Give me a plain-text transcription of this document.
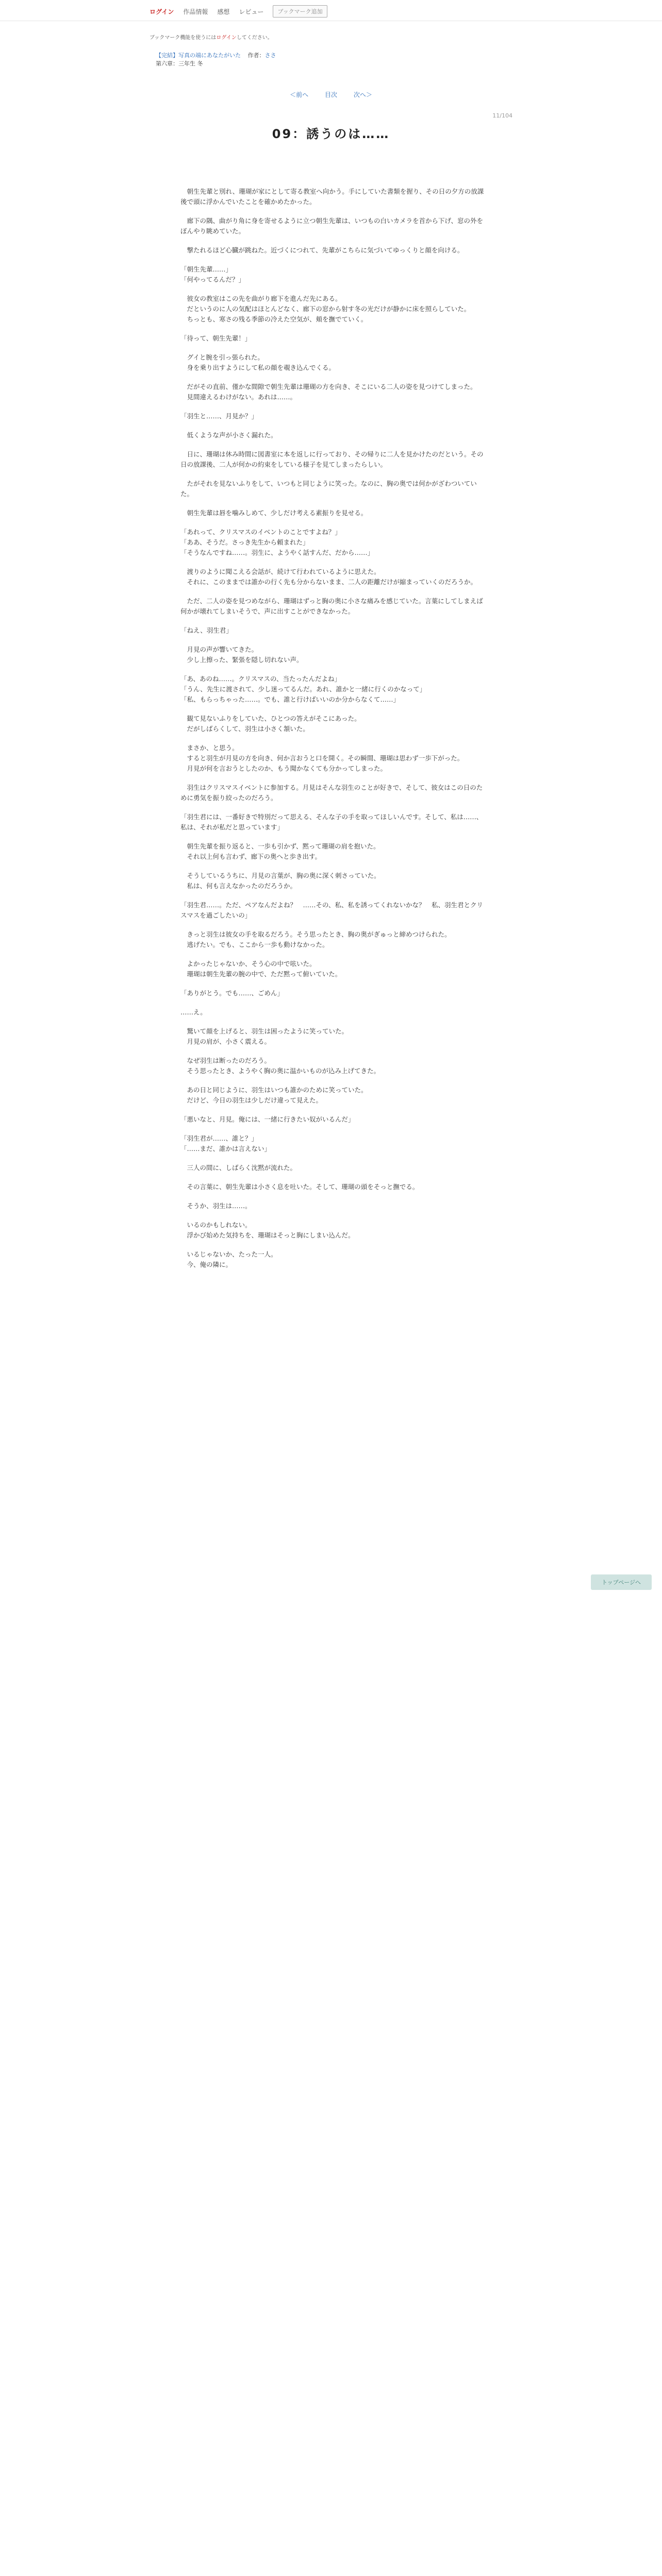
ログイン 作品情報 感想 レビュー	ブックマーク追加
ブックマーク機能を使うにはログインしてください。
【完結】写真の端にあなたがいた 作者：ささ
第六章：三年生 冬
＜前へ	目次	次へ＞
11/104
09：誘うのは……

　朝生先輩と別れ、珊瑚が家にとして寄る教室へ向かう。手にしていた書類を握り、その日の夕方の放課後で頭に浮かんでいたことを確かめたかった。

　廊下の隅、曲がり角に身を寄せるように立つ朝生先輩は、いつもの白いカメラを首から下げ、窓の外をぼんやり眺めていた。

　撃たれるほど心臓が跳ねた。近づくにつれて、先輩がこちらに気づいてゆっくりと顔を向ける。

「朝生先輩……」
「何やってるんだ？」

　彼女の教室はこの先を曲がり廊下を進んだ先にある。
　だというのに人の気配はほとんどなく、廊下の窓から射す冬の光だけが静かに床を照らしていた。
　ちっとも、寒さの残る季節の冷えた空気が、頬を撫でていく。

「待って、朝生先輩！」

　グイと腕を引っ張られた。
　身を乗り出すようにして私の顔を覗き込んでくる。

　だがその直前、僅かな間隙で朝生先輩は珊瑚の方を向き、そこにいる二人の姿を見つけてしまった。
　見間違えるわけがない。あれは……。

「羽生と……、月見か？」

　低くような声が小さく漏れた。

　日に、珊瑚は休み時間に図書室に本を返しに行っており、その帰りに二人を見かけたのだという。その日の放課後、二人が何かの約束をしている様子を見てしまったらしい。

　たがそれを見ないふりをして、いつもと同じように笑った。なのに、胸の奥では何かがざわついていた。

　朝生先輩は唇を噛みしめて、少しだけ考える素振りを見せる。

「あれって、クリスマスのイベントのことですよね？」
「ああ、そうだ。さっき先生から頼まれた」
「そうなんですね……。羽生に、ようやく話すんだ、だから……」

　渡りのように聞こえる会話が、続けて行われているように思えた。
　それに、このままでは誰かの行く先も分からないまま、二人の距離だけが縮まっていくのだろうか。

　ただ、二人の姿を見つめながら、珊瑚はずっと胸の奥に小さな痛みを感じていた。言葉にしてしまえば何かが壊れてしまいそうで、声に出すことができなかった。

「ねえ、羽生君」

　月見の声が響いてきた。
　少し上擦った、緊張を隠し切れない声。

「あ、あのね……。クリスマスの、当たったんだよね」
「うん、先生に渡されて、少し迷ってるんだ。あれ、誰かと一緒に行くのかなって」
「私、もらっちゃった……。でも、誰と行けばいいのか分からなくて……」

　観て見ないふりをしていた、ひとつの答えがそこにあった。
　だがしばらくして、羽生は小さく頷いた。

　まさか、と思う。
　すると羽生が月見の方を向き、何か言おうと口を開く。その瞬間、珊瑚は思わず一歩下がった。
　月見が何を言おうとしたのか、もう聞かなくても分かってしまった。

　羽生はクリスマスイベントに参加する。月見はそんな羽生のことが好きで、そして、彼女はこの日のために勇気を振り絞ったのだろう。

「羽生君には、一番好きで特別だって思える、そんな子の手を取ってほしいんです。そして、私は……、私は、それが私だと思っています」

　朝生先輩を振り返ると、一歩も引かず、黙って珊瑚の肩を抱いた。
　それ以上何も言わず、廊下の奥へと歩き出す。

　そうしているうちに、月見の言葉が、胸の奥に深く刺さっていた。
　私は、何も言えなかったのだろうか。

「羽生君……。ただ、ペアなんだよね？　……その、私、私を誘ってくれないかな？　私、羽生君とクリスマスを過ごしたいの」

　きっと羽生は彼女の手を取るだろう。そう思ったとき、胸の奥がぎゅっと締めつけられた。
　逃げたい。でも、ここから一歩も動けなかった。

　よかったじゃないか、そう心の中で呟いた。
　珊瑚は朝生先輩の腕の中で、ただ黙って俯いていた。

「ありがとう。でも……、ごめん」

……え。

　驚いて顔を上げると、羽生は困ったように笑っていた。
　月見の肩が、小さく震える。

　なぜ羽生は断ったのだろう。
　そう思ったとき、ようやく胸の奥に温かいものが込み上げてきた。

　あの日と同じように、羽生はいつも誰かのために笑っていた。
　だけど、今日の羽生は少しだけ違って見えた。

「悪いなと、月見。俺には、一緒に行きたい奴がいるんだ」

「羽生君が……、誰と？」
「……まだ、誰かは言えない」

　三人の間に、しばらく沈黙が流れた。

　その言葉に、朝生先輩は小さく息を吐いた。そして、珊瑚の頭をそっと撫でる。

　そうか、羽生は……。

　いるのかもしれない。
　浮かび始めた気持ちを、珊瑚はそっと胸にしまい込んだ。

　いるじゃないか、たった一人。
　今、俺の隣に。

トップページへ
